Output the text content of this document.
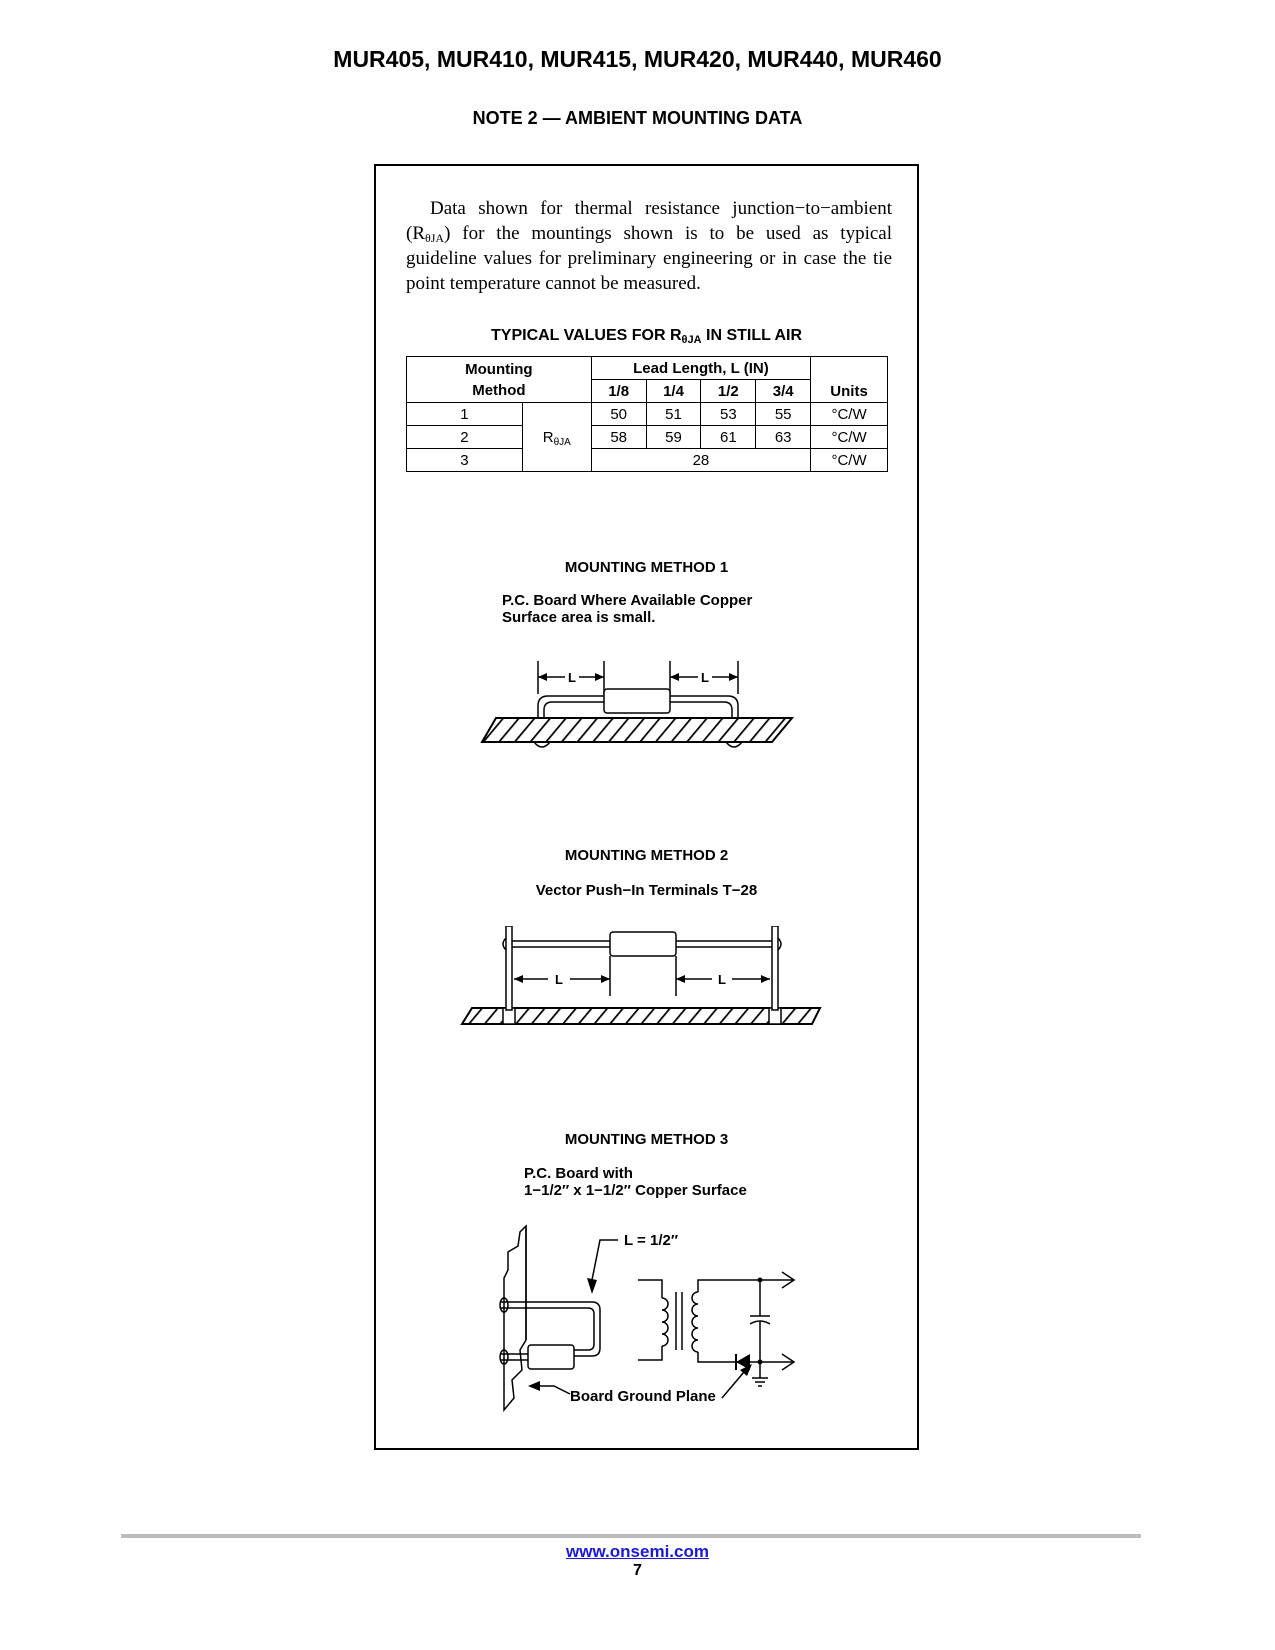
MUR405, MUR410, MUR415, MUR420, MUR440, MUR460
NOTE 2 — AMBIENT MOUNTING DATA

Data shown for thermal resistance junction−to−ambient $(R_{\theta JA})$ for the mountings shown is to be used as typical guideline values for preliminary engineering or in case the tie point temperature cannot be measured.

TYPICAL VALUES FOR $R_{\theta JA}$ IN STILL AIR
Mounting Method		Lead Length, L (IN)				Units
		1/8	1/4	1/2	3/4	
1	$R_{\theta JA}$	50	51	53	55	°C/W
2		58	59	61	63	°C/W
3		28				°C/W
MOUNTING METHOD 1
P.C. Board Where Available Copper
Surface area is small.
L	L
MOUNTING METHOD 2
Vector Push−In Terminals T−28
L	L
MOUNTING METHOD 3
P.C. Board with
1−1/2″ x 1−1/2″ Copper Surface
L = 1/2″
Board Ground Plane
www.onsemi.com
7
